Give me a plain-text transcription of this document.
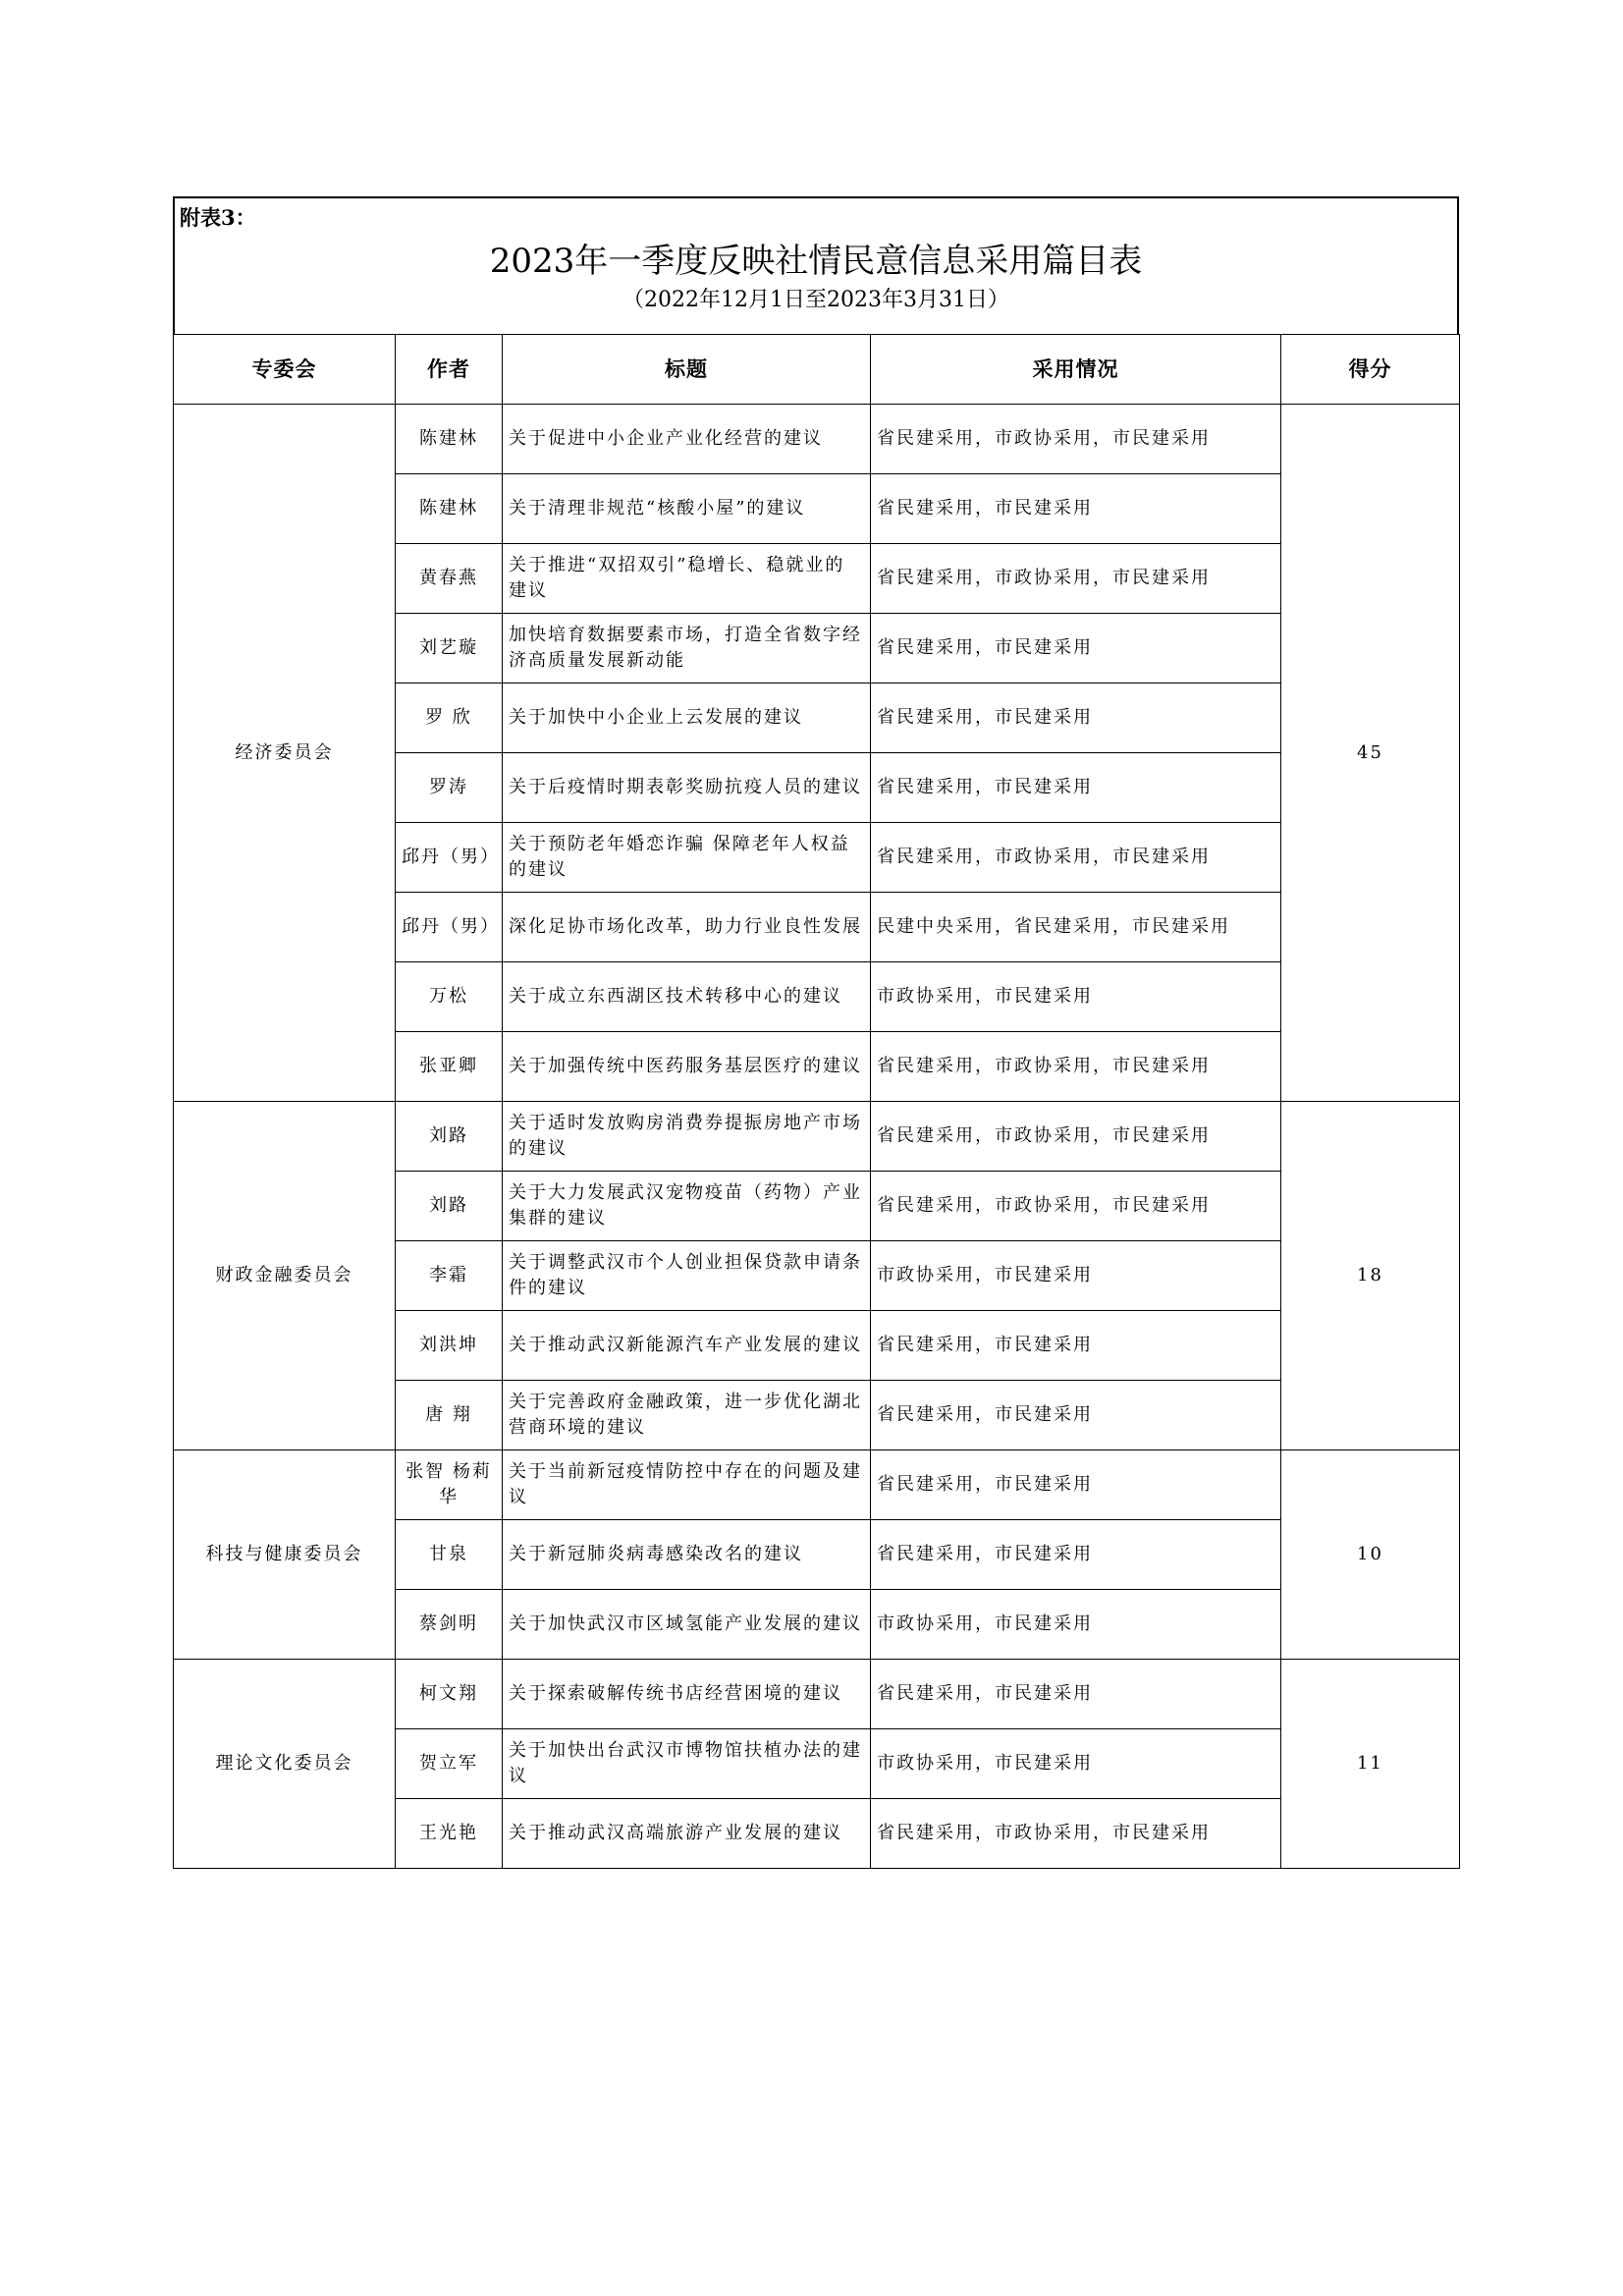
附表3：
2023年一季度反映社情民意信息采用篇目表
（2022年12月1日至2023年3月31日）
专委会	作者	标题	采用情况	得分
经济委员会	陈建林	关于促进中小企业产业化经营的建议	省民建采用，市政协采用，市民建采用	45
	陈建林	关于清理非规范“核酸小屋”的建议	省民建采用，市民建采用	
	黄春燕	关于推进“双招双引”稳增长、稳就业的建议	省民建采用，市政协采用，市民建采用	
	刘艺璇	加快培育数据要素市场，打造全省数字经济高质量发展新动能	省民建采用，市民建采用	
	罗 欣	关于加快中小企业上云发展的建议	省民建采用，市民建采用	
	罗涛	关于后疫情时期表彰奖励抗疫人员的建议	省民建采用，市民建采用	
	邱丹（男）	关于预防老年婚恋诈骗 保障老年人权益的建议	省民建采用，市政协采用，市民建采用	
	邱丹（男）	深化足协市场化改革，助力行业良性发展	民建中央采用，省民建采用，市民建采用	
	万松	关于成立东西湖区技术转移中心的建议	市政协采用，市民建采用	
	张亚卿	关于加强传统中医药服务基层医疗的建议	省民建采用，市政协采用，市民建采用	
财政金融委员会	刘路	关于适时发放购房消费券提振房地产市场的建议	省民建采用，市政协采用，市民建采用	18
	刘路	关于大力发展武汉宠物疫苗（药物）产业集群的建议	省民建采用，市政协采用，市民建采用	
	李霜	关于调整武汉市个人创业担保贷款申请条件的建议	市政协采用，市民建采用	
	刘洪坤	关于推动武汉新能源汽车产业发展的建议	省民建采用，市民建采用	
	唐 翔	关于完善政府金融政策，进一步优化湖北营商环境的建议	省民建采用，市民建采用	
科技与健康委员会	张智 杨莉华	关于当前新冠疫情防控中存在的问题及建议	省民建采用，市民建采用	10
	甘泉	关于新冠肺炎病毒感染改名的建议	省民建采用，市民建采用	
	蔡剑明	关于加快武汉市区域氢能产业发展的建议	市政协采用，市民建采用	
理论文化委员会	柯文翔	关于探索破解传统书店经营困境的建议	省民建采用，市民建采用	11
	贺立军	关于加快出台武汉市博物馆扶植办法的建议	市政协采用，市民建采用	
	王光艳	关于推动武汉高端旅游产业发展的建议	省民建采用，市政协采用，市民建采用	
